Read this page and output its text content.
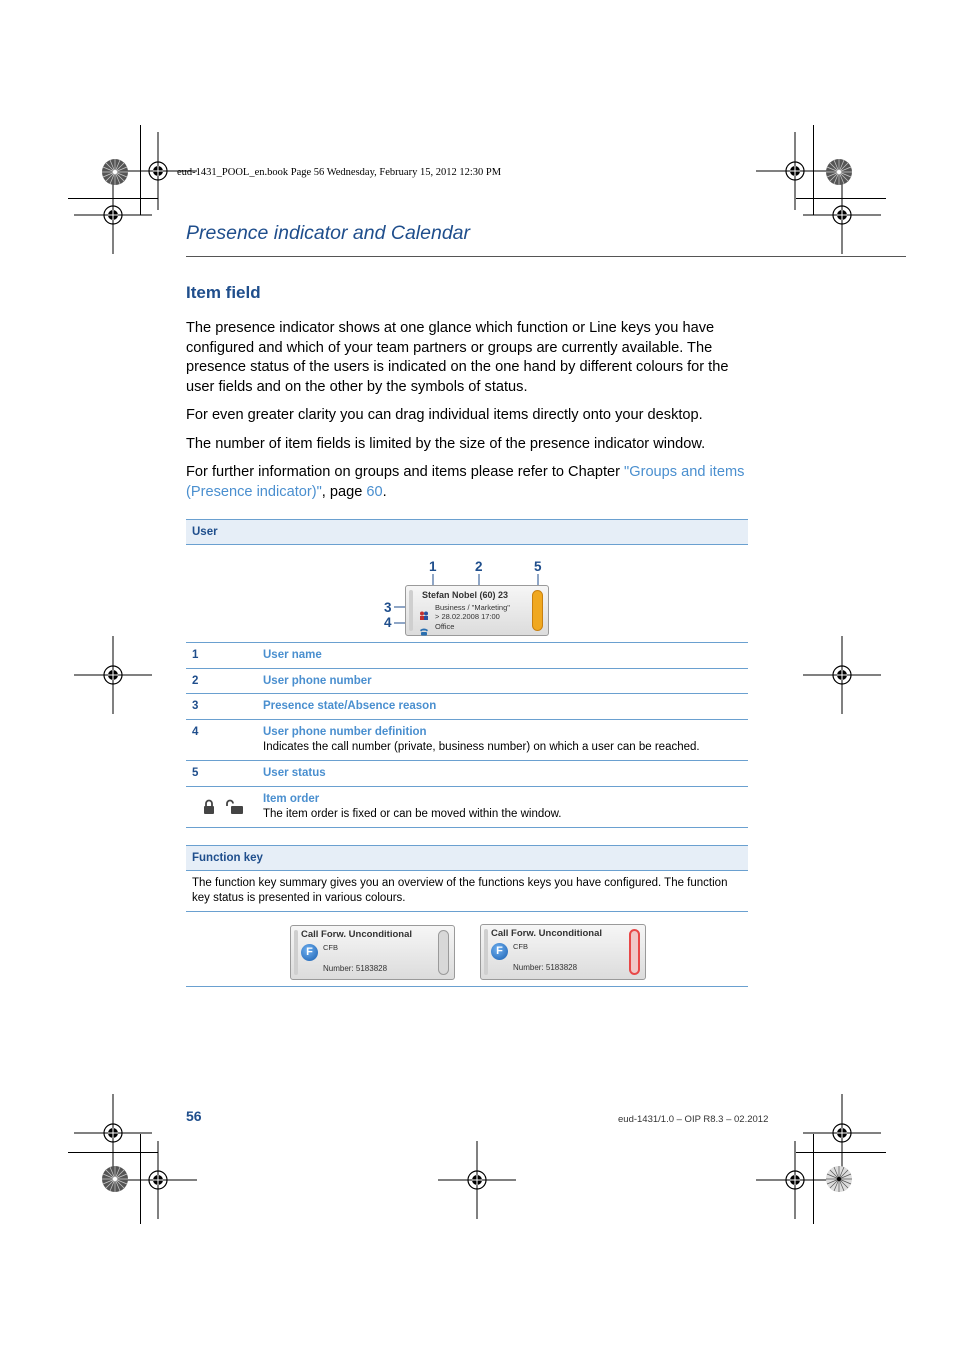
eud-1431_POOL_en.book Page 56 Wednesday, February 15, 2012 12:30 PM
Presence indicator and Calendar
Item field
The presence indicator shows at one glance which function or Line keys you have configured and which of your team partners or groups are currently available. The presence status of the users is indicated on the one hand by different colours for the user fields and on the other by the symbols of status.
For even greater clarity you can drag individual items directly onto your desktop.
The number of item fields is limited by the size of the presence indicator window.
For further information on groups and items please refer to Chapter "Groups and items (Presence indicator)", page 60.
User
1	2	5
3
4
Stefan Nobel (60) 23
Business / "Marketing"
> 28.02.2008 17:00
Office
1	User name
2	User phone number
3	Presence state/Absence reason
4	User phone number definition
Indicates the call number (private, business number) on which a user can be reached.
5	User status
Item order
The item order is fixed or can be moved within the window.
Function key
The function key summary gives you an overview of the functions keys you have configured. The function key status is presented in various colours.
Call Forw. Unconditional
F	CFB
Number: 5183828
Call Forw. Unconditional
F	CFB
Number: 5183828
56	eud-1431/1.0 – OIP R8.3 – 02.2012
